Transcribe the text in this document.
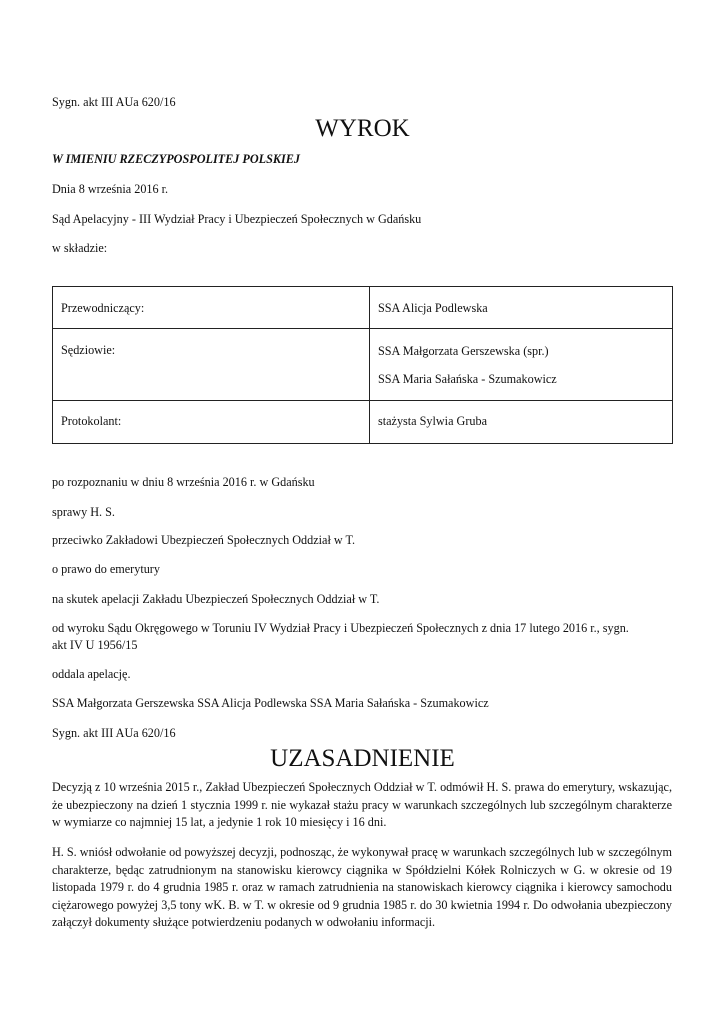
Sygn. akt III AUa 620/16
WYROK
W IMIENIU RZECZYPOSPOLITEJ POLSKIEJ
Dnia 8 września 2016 r.
Sąd Apelacyjny - III Wydział Pracy i Ubezpieczeń Społecznych w Gdańsku
w składzie:
Przewodniczący:	SSA Alicja Podlewska
Sędziowie:	SSA Małgorzata Gerszewska (spr.)
SSA Maria Sałańska - Szumakowicz

Protokolant:	stażysta Sylwia Gruba
po rozpoznaniu w dniu 8 września 2016 r. w Gdańsku
sprawy H. S.
przeciwko Zakładowi Ubezpieczeń Społecznych Oddział w T.
o prawo do emerytury
na skutek apelacji Zakładu Ubezpieczeń Społecznych Oddział w T.
od wyroku Sądu Okręgowego w Toruniu IV Wydział Pracy i Ubezpieczeń Społecznych z dnia 17 lutego 2016 r., sygn.
akt IV U 1956/15
oddala apelację.
SSA Małgorzata Gerszewska SSA Alicja Podlewska SSA Maria Sałańska - Szumakowicz
Sygn. akt III AUa 620/16
UZASADNIENIE
Decyzją z 10 września 2015 r., Zakład Ubezpieczeń Społecznych Oddział w T. odmówił H. S. prawa do emerytury, wskazując, że ubezpieczony na dzień 1 stycznia 1999 r. nie wykazał stażu pracy w warunkach szczególnych lub szczególnym charakterze w wymiarze co najmniej 15 lat, a jedynie 1 rok 10 miesięcy i 16 dni.
H. S. wniósł odwołanie od powyższej decyzji, podnosząc, że wykonywał pracę w warunkach szczególnych lub w szczególnym charakterze, będąc zatrudnionym na stanowisku kierowcy ciągnika w Spółdzielni Kółek Rolniczych w G. w okresie od 19 listopada 1979 r. do 4 grudnia 1985 r. oraz w ramach zatrudnienia na stanowiskach kierowcy ciągnika i kierowcy samochodu ciężarowego powyżej 3,5 tony wK. B. w T. w okresie od 9 grudnia 1985 r. do 30 kwietnia 1994 r. Do odwołania ubezpieczony załączył dokumenty służące potwierdzeniu podanych w odwołaniu informacji.
